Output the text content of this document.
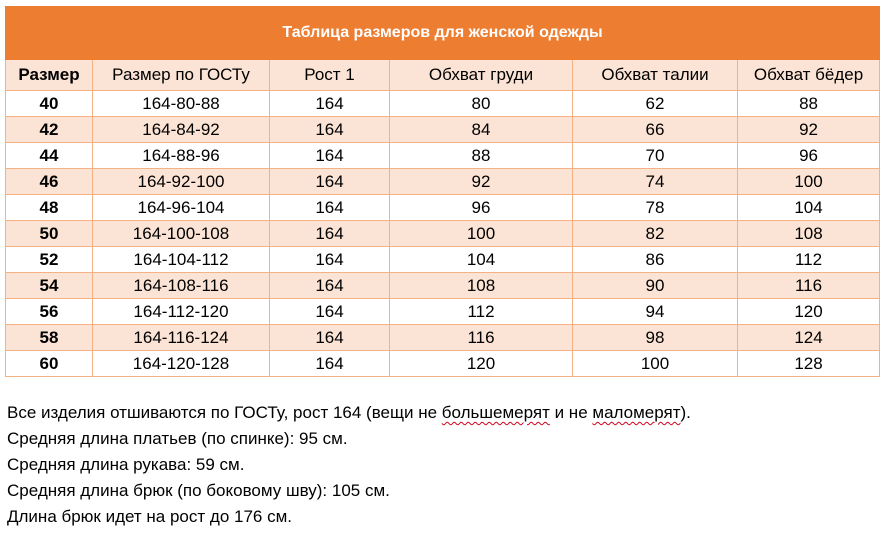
Таблица размеров для женской одежды					
Размер	Размер по ГОСТу	Рост 1	Обхват груди	Обхват талии	Обхват бёдер
40	164-80-88	164	80	62	88
42	164-84-92	164	84	66	92
44	164-88-96	164	88	70	96
46	164-92-100	164	92	74	100
48	164-96-104	164	96	78	104
50	164-100-108	164	100	82	108
52	164-104-112	164	104	86	112
54	164-108-116	164	108	90	116
56	164-112-120	164	112	94	120
58	164-116-124	164	116	98	124
60	164-120-128	164	120	100	128
Все изделия отшиваются по ГОСТу, рост 164 (вещи не большемерят и не маломерят).
Средняя длина платьев (по спинке): 95 см.
Средняя длина рукава: 59 см.
Средняя длина брюк (по боковому шву): 105 см.
Длина брюк идет на рост до 176 см.
